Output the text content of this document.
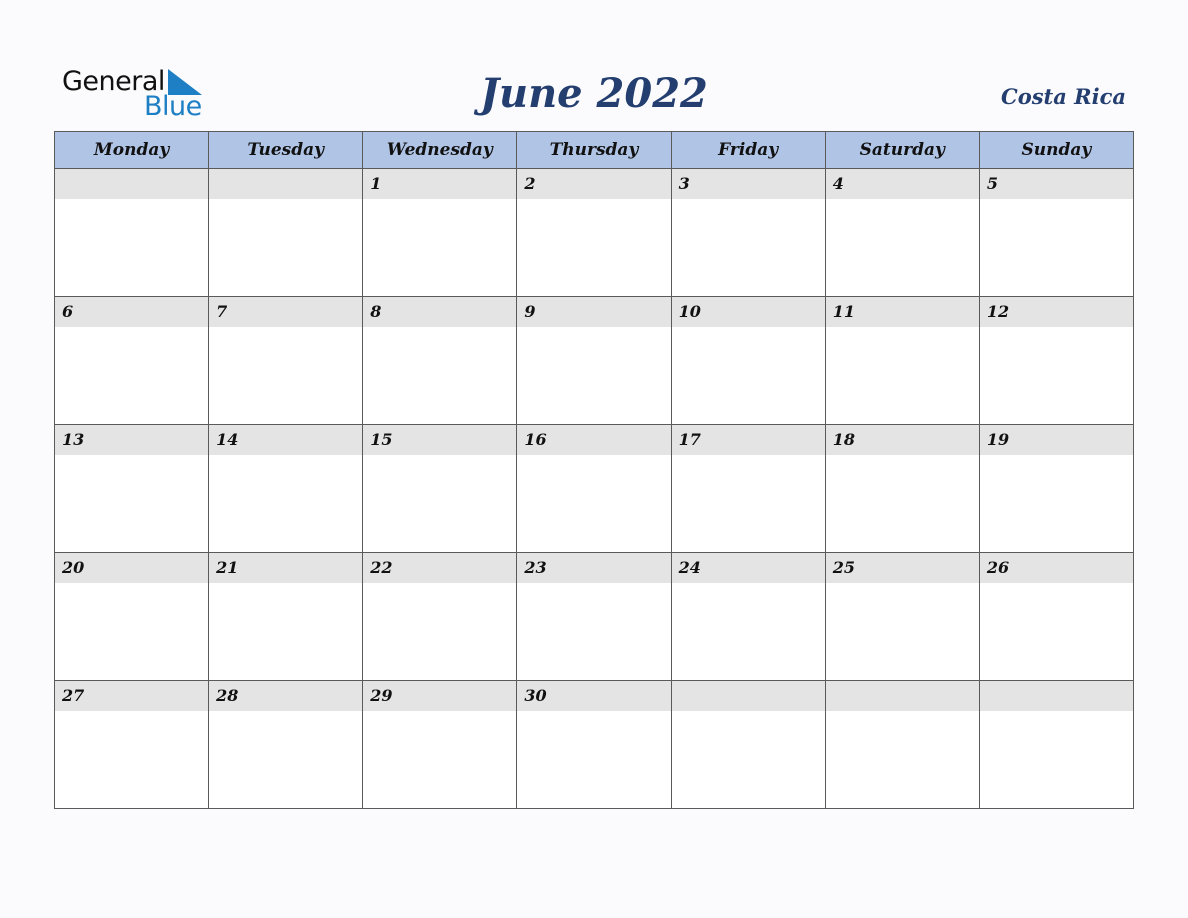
General
Blue	June 2022	Costa Rica
Monday	Tuesday	Wednesday	Thursday	Friday	Saturday	Sunday

		1	2	3	4	5

6	7	8	9	10	11	12

13	14	15	16	17	18	19

20	21	22	23	24	25	26

27	28	29	30			
